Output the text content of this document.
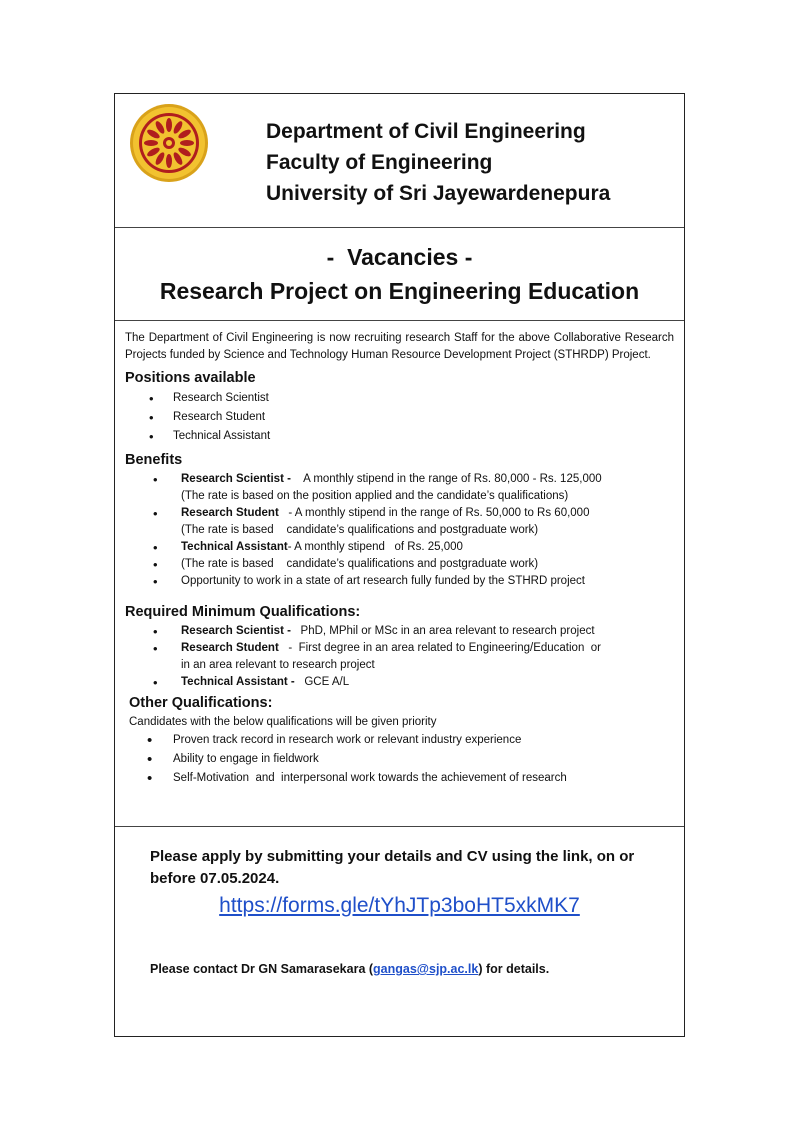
Department of Civil Engineering
Faculty of Engineering
University of Sri Jayewardenepura
-  Vacancies -
Research Project on Engineering Education

The Department of Civil Engineering is now recruiting research Staff for the above Collaborative Research Projects funded by Science and Technology Human Resource Development Project (STHRDP) Project.

Positions available
• Research Scientist
• Research Student
• Technical Assistant
Benefits
• Research Scientist -    A monthly stipend in the range of Rs. 80,000 - Rs. 125,000
(The rate is based on the position applied and the candidate’s qualifications)
• Research Student   - A monthly stipend in the range of Rs. 50,000 to Rs 60,000
(The rate is based    candidate’s qualifications and postgraduate work)
• Technical Assistant- A monthly stipend   of Rs. 25,000
• (The rate is based    candidate’s qualifications and postgraduate work)
• Opportunity to work in a state of art research fully funded by the STHRD project
Required Minimum Qualifications:
• Research Scientist -   PhD, MPhil or MSc in an area relevant to research project
• Research Student   -  First degree in an area related to Engineering/Education  or
in an area relevant to research project
• Technical Assistant -   GCE A/L
Other Qualifications:
Candidates with the below qualifications will be given priority
• Proven track record in research work or relevant industry experience
• Ability to engage in fieldwork
• Self-Motivation  and  interpersonal work towards the achievement of research
Please apply by submitting your details and CV using the link, on or before 07.05.2024.
https://forms.gle/tYhJTp3boHT5xkMK7
Please contact Dr GN Samarasekara (gangas@sjp.ac.lk) for details.
